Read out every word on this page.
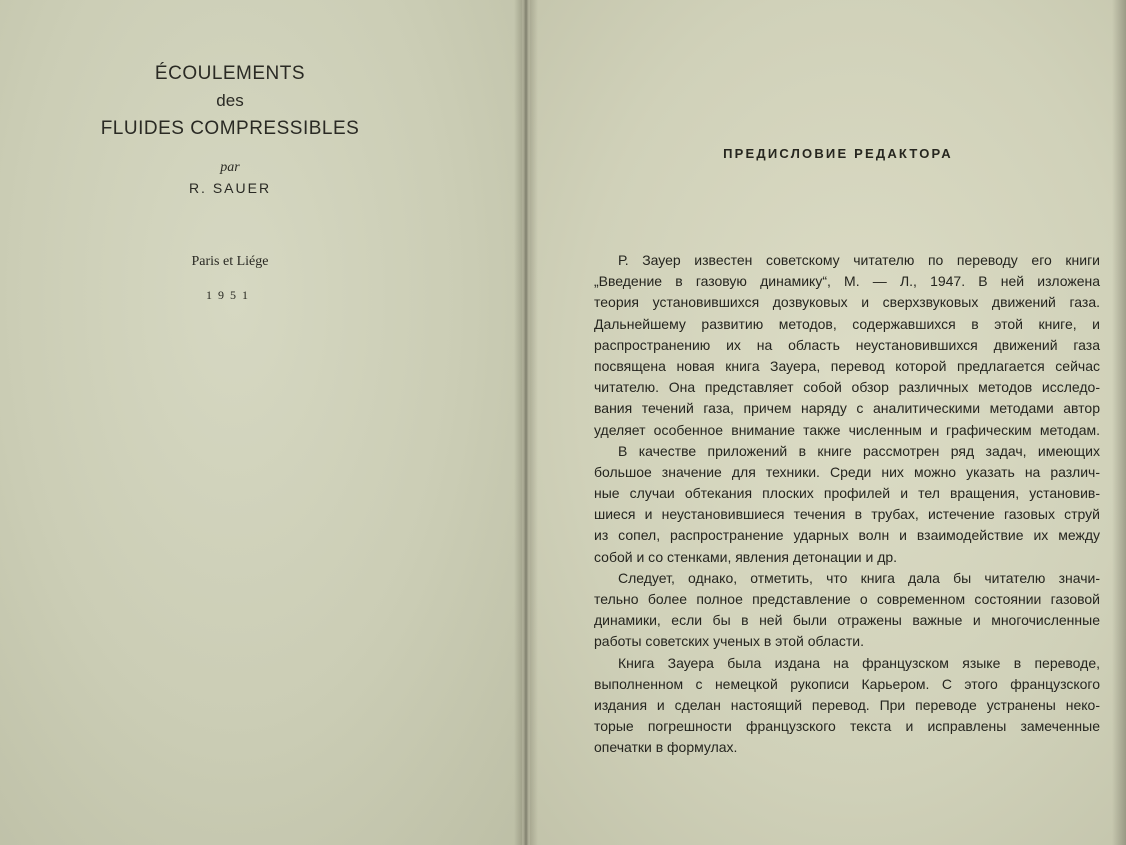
ÉCOULEMENTS
des
FLUIDES COMPRESSIBLES
par
R. SAUER
Paris et Liége
1951
ПРЕДИСЛОВИЕ РЕДАКТОРА
Р. Зауер известен советскому читателю по переводу его книги
„Введение в газовую динамику“, М. — Л., 1947. В ней изложена
теория установившихся дозвуковых и сверхзвуковых движений газа.
Дальнейшему развитию методов, содержавшихся в этой книге, и
распространению их на область неустановившихся движений газа
посвящена новая книга Зауера, перевод которой предлагается сейчас
читателю. Она представляет собой обзор различных методов исследо-
вания течений газа, причем наряду с аналитическими методами автор
уделяет особенное внимание также численным и графическим методам.
В качестве приложений в книге рассмотрен ряд задач, имеющих
большое значение для техники. Среди них можно указать на различ-
ные случаи обтекания плоских профилей и тел вращения, установив-
шиеся и неустановившиеся течения в трубах, истечение газовых струй
из сопел, распространение ударных волн и взаимодействие их между
собой и со стенками, явления детонации и др.
Следует, однако, отметить, что книга дала бы читателю значи-
тельно более полное представление о современном состоянии газовой
динамики, если бы в ней были отражены важные и многочисленные
работы советских ученых в этой области.
Книга Зауера была издана на французском языке в переводе,
выполненном с немецкой рукописи Карьером. С этого французского
издания и сделан настоящий перевод. При переводе устранены неко-
торые погрешности французского текста и исправлены замеченные
опечатки в формулах.
